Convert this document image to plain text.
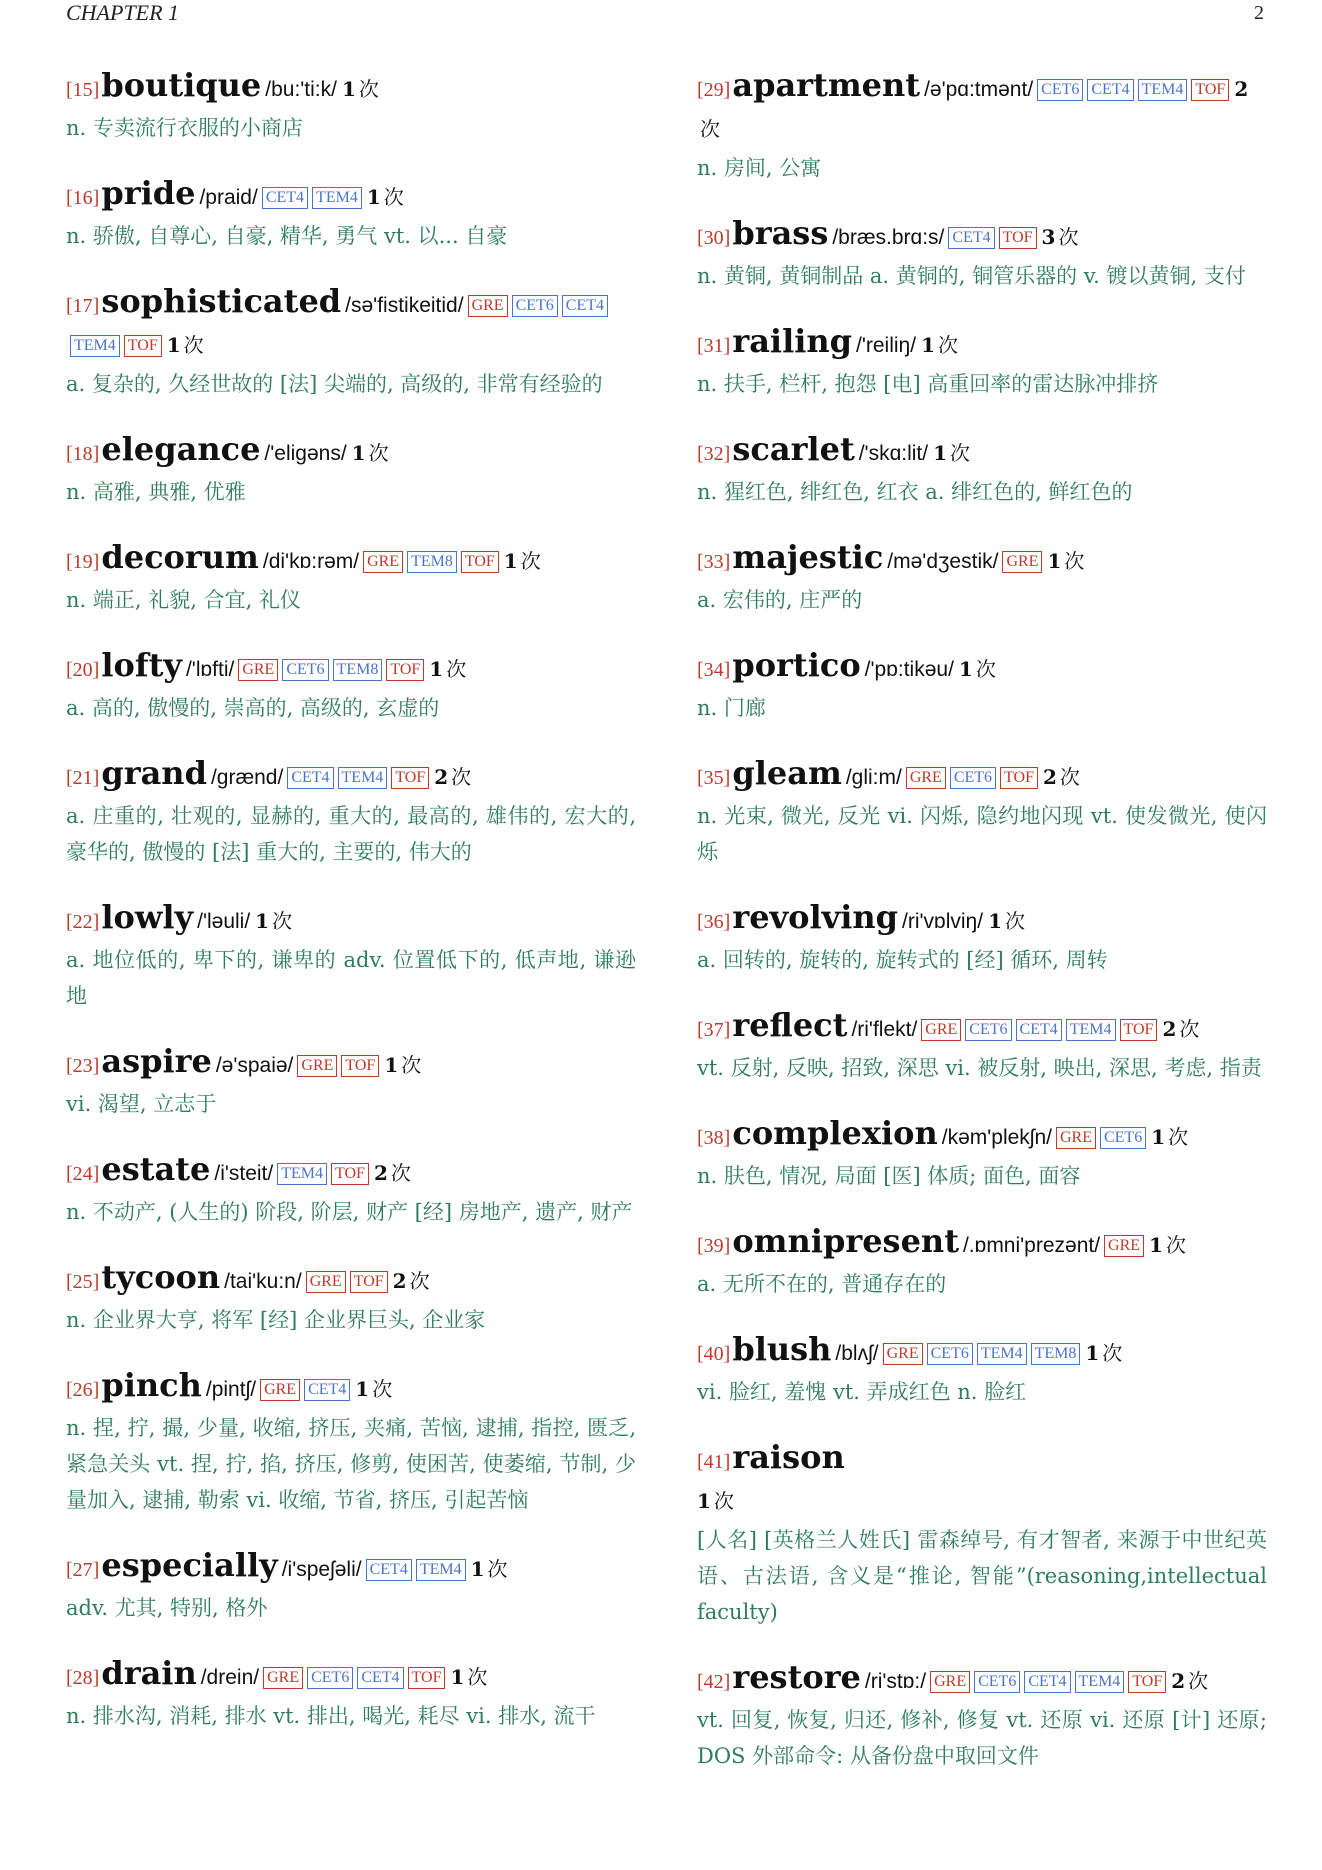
CHAPTER 1	2
[15]boutique /bu:'ti:k/ 1 次
n. 专卖流行衣服的小商店
[16]pride /praid/ CET4 TEM4 1 次
n. 骄傲, 自尊心, 自豪, 精华, 勇气 vt. 以... 自豪
[17]sophisticated /sə'fistikeitid/ GRE CET6 CET4TEM4 TOF 1 次
a. 复杂的, 久经世故的 [法] 尖端的, 高级的, 非常有经验的
[18]elegance /'eligəns/ 1 次
n. 高雅, 典雅, 优雅
[19]decorum /di'kɒ:rəm/ GRE TEM8 TOF 1 次
n. 端正, 礼貌, 合宜, 礼仪
[20]lofty /'lɒfti/ GRE CET6 TEM8 TOF 1 次
a. 高的, 傲慢的, 崇高的, 高级的, 玄虚的
[21]grand /grænd/ CET4 TEM4 TOF 2 次
a. 庄重的, 壮观的, 显赫的, 重大的, 最高的, 雄伟的, 宏大的, 豪华的, 傲慢的 [法] 重大的, 主要的, 伟大的
[22]lowly /'ləuli/ 1 次
a. 地位低的, 卑下的, 谦卑的 adv. 位置低下的, 低声地, 谦逊地
[23]aspire /ə'spaiə/ GRE TOF 1 次
vi. 渴望, 立志于
[24]estate /i'steit/ TEM4 TOF 2 次
n. 不动产, (人生的) 阶段, 阶层, 财产 [经] 房地产, 遗产, 财产
[25]tycoon /tai'ku:n/ GRE TOF 2 次
n. 企业界大亨, 将军 [经] 企业界巨头, 企业家
[26]pinch /pintʃ/ GRE CET4 1 次
n. 捏, 拧, 撮, 少量, 收缩, 挤压, 夹痛, 苦恼, 逮捕, 指控, 匮乏, 紧急关头 vt. 捏, 拧, 掐, 挤压, 修剪, 使困苦, 使萎缩, 节制, 少量加入, 逮捕, 勒索 vi. 收缩, 节省, 挤压, 引起苦恼
[27]especially /i'speʃəli/ CET4 TEM4 1 次
adv. 尤其, 特别, 格外
[28]drain /drein/ GRE CET6 CET4 TOF 1 次
n. 排水沟, 消耗, 排水 vt. 排出, 喝光, 耗尽 vi. 排水, 流干
[29]apartment /ə'pɑ:tmənt/ CET6 CET4 TEM4 TOF 2次
n. 房间, 公寓
[30]brass /bræs.brɑ:s/ CET4 TOF 3 次
n. 黄铜, 黄铜制品 a. 黄铜的, 铜管乐器的 v. 镀以黄铜, 支付
[31]railing /'reiliŋ/ 1 次
n. 扶手, 栏杆, 抱怨 [电] 高重回率的雷达脉冲排挤
[32]scarlet /'skɑ:lit/ 1 次
n. 猩红色, 绯红色, 红衣 a. 绯红色的, 鲜红色的
[33]majestic /mə'dʒestik/ GRE 1 次
a. 宏伟的, 庄严的
[34]portico /'pɒ:tikəu/ 1 次
n. 门廊
[35]gleam /gli:m/ GRE CET6 TOF 2 次
n. 光束, 微光, 反光 vi. 闪烁, 隐约地闪现 vt. 使发微光, 使闪烁
[36]revolving /ri'vɒlviŋ/ 1 次
a. 回转的, 旋转的, 旋转式的 [经] 循环, 周转
[37]reflect /ri'flekt/ GRE CET6 CET4 TEM4 TOF 2 次
vt. 反射, 反映, 招致, 深思 vi. 被反射, 映出, 深思, 考虑, 指责
[38]complexion /kəm'plekʃn/ GRE CET6 1 次
n. 肤色, 情况, 局面 [医] 体质; 面色, 面容
[39]omnipresent /.ɒmni'prezənt/ GRE 1 次
a. 无所不在的, 普通存在的
[40]blush /blʌʃ/ GRE CET6 TEM4 TEM8 1 次
vi. 脸红, 羞愧 vt. 弄成红色 n. 脸红
[41]raison
1 次
[人名] [英格兰人姓氏] 雷森绰号, 有才智者, 来源于中世纪英语、古法语, 含义是“推论, 智能”(reasoning,intellectual faculty)
[42]restore /ri'stɒ:/ GRE CET6 CET4 TEM4 TOF 2 次
vt. 回复, 恢复, 归还, 修补, 修复 vt. 还原 vi. 还原 [计] 还原; DOS 外部命令: 从备份盘中取回文件
